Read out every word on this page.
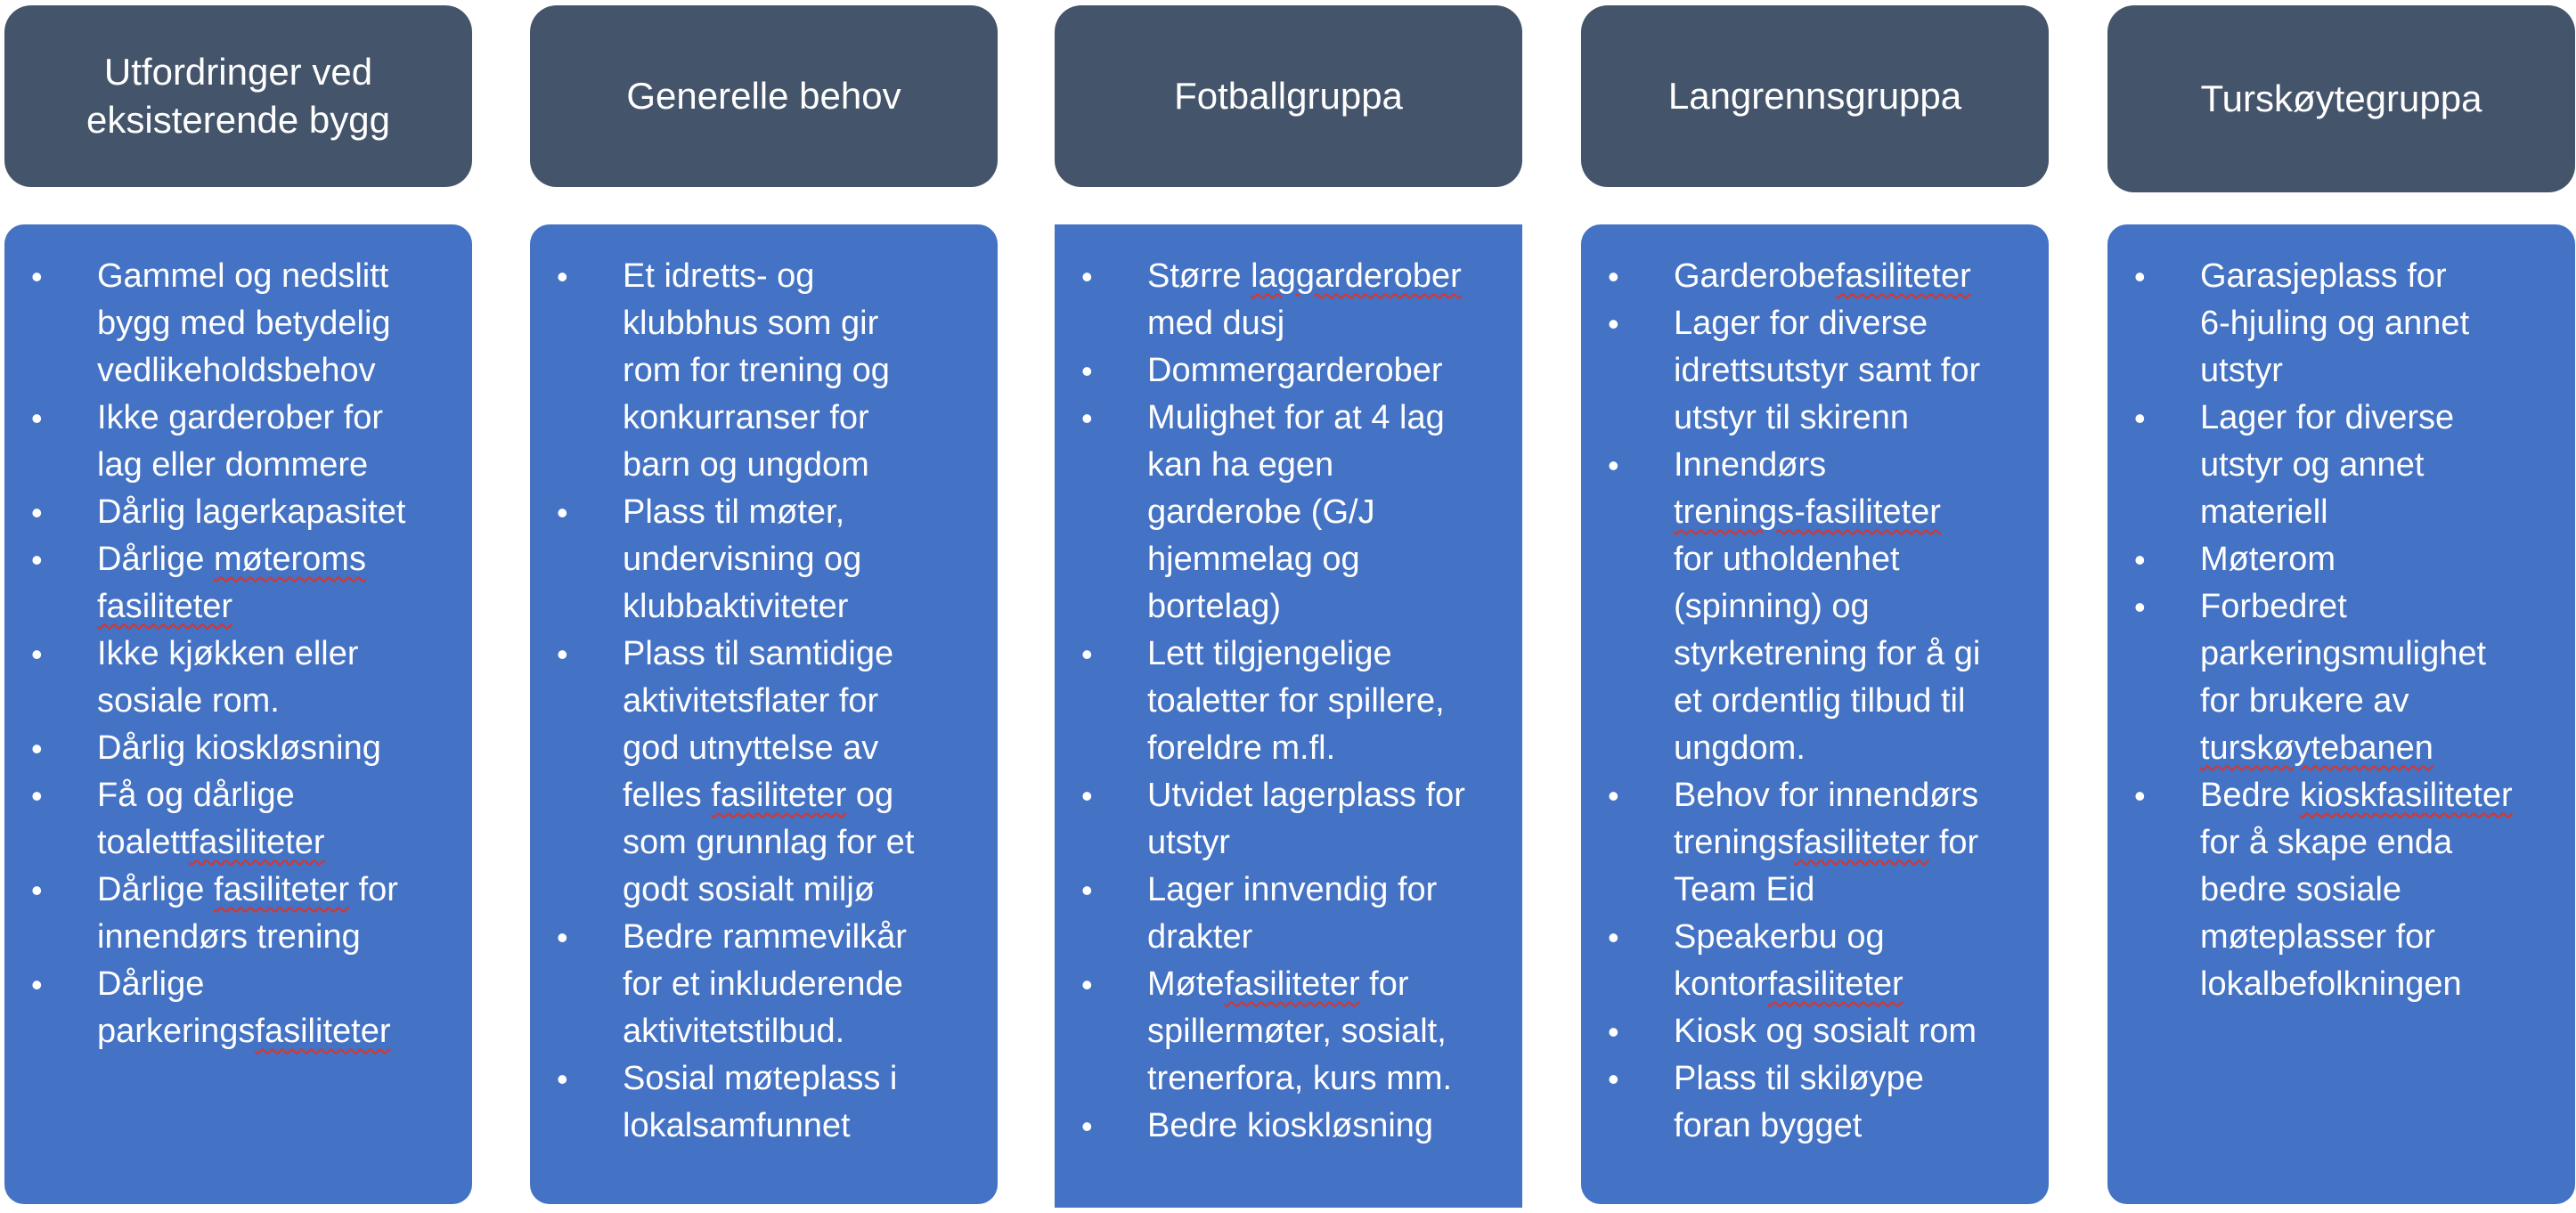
Utfordringer ved
eksisterende bygg
• Gammel og nedslitt
bygg med betydelig
vedlikeholdsbehov
• Ikke garderober for
lag eller dommere
• Dårlig lagerkapasitet
• Dårlige møteroms
fasiliteter
• Ikke kjøkken eller
sosiale rom.
• Dårlig kioskløsning
• Få og dårlige
toalettfasiliteter
• Dårlige fasiliteter for
innendørs trening
• Dårlige
parkeringsfasiliteter
Generelle behov
• Et idretts- og
klubbhus som gir
rom for trening og
konkurranser for
barn og ungdom
• Plass til møter,
undervisning og
klubbaktiviteter
• Plass til samtidige
aktivitetsflater for
god utnyttelse av
felles fasiliteter og
som grunnlag for et
godt sosialt miljø
• Bedre rammevilkår
for et inkluderende
aktivitetstilbud.
• Sosial møteplass i
lokalsamfunnet
Fotballgruppa
• Større laggarderober
med dusj
• Dommergarderober
• Mulighet for at 4 lag
kan ha egen
garderobe (G/J
hjemmelag og
bortelag)
• Lett tilgjengelige
toaletter for spillere,
foreldre m.fl.
• Utvidet lagerplass for
utstyr
• Lager innvendig for
drakter
• Møtefasiliteter for
spillermøter, sosialt,
trenerfora, kurs mm.
• Bedre kioskløsning
Langrennsgruppa
• Garderobefasiliteter
• Lager for diverse
idrettsutstyr samt for
utstyr til skirenn
• Innendørs
trenings-fasiliteter
for utholdenhet
(spinning) og
styrketrening for å gi
et ordentlig tilbud til
ungdom.
• Behov for innendørs
treningsfasiliteter for
Team Eid
• Speakerbu og
kontorfasiliteter
• Kiosk og sosialt rom
• Plass til skiløype
foran bygget
Turskøytegruppa
• Garasjeplass for
6-hjuling og annet
utstyr
• Lager for diverse
utstyr og annet
materiell
• Møterom
• Forbedret
parkeringsmulighet
for brukere av
turskøytebanen
• Bedre kioskfasiliteter
for å skape enda
bedre sosiale
møteplasser for
lokalbefolkningen
